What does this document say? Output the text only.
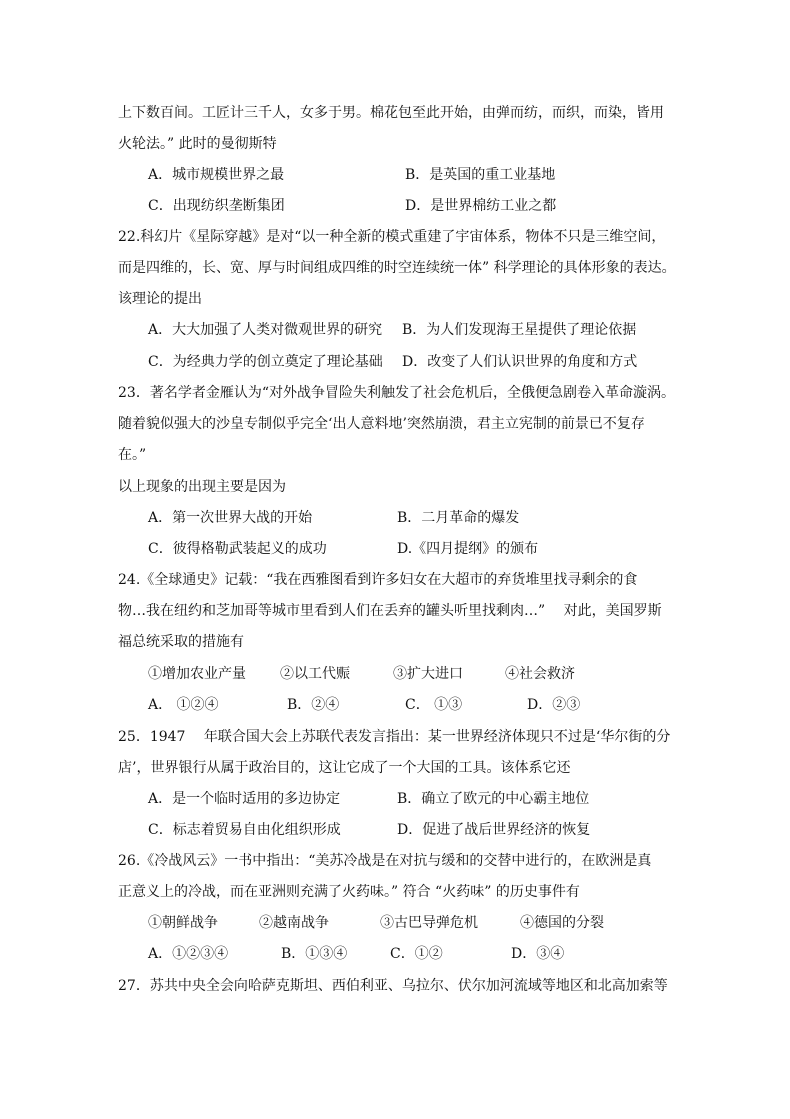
上下数百间。工匠计三千人，女多于男。棉花包至此开始，由弹而纺，而织，而染，皆用
火轮法。” 此时的曼彻斯特
A．城市规模世界之最	B．是英国的重工业基地
C．出现纺织垄断集团	D．是世界棉纺工业之都
22.科幻片《星际穿越》是对“以一种全新的模式重建了宇宙体系，物体不只是三维空间，
而是四维的，长、宽、厚与时间组成四维的时空连续统一体” 科学理论的具体形象的表达。
该理论的提出
A．大大加强了人类对微观世界的研究 B．为人们发现海王星提供了理论依据
C．为经典力学的创立奠定了理论基础 D．改变了人们认识世界的角度和方式
23．著名学者金雁认为“对外战争冒险失利触发了社会危机后，全俄便急剧卷入革命漩涡。
随着貌似强大的沙皇专制似乎完全‘出人意料地’突然崩溃，君主立宪制的前景已不复存
在。”
以上现象的出现主要是因为
A．第一次世界大战的开始	B．二月革命的爆发
C．彼得格勒武装起义的成功	D.《四月提纲》的颁布
24.《全球通史》记载：“我在西雅图看到许多妇女在大超市的弃货堆里找寻剩余的食
物…我在纽约和芝加哥等城市里看到人们在丢弃的罐头听里找剩肉…”　 对此，美国罗斯
福总统采取的措施有
①增加农业产量 ②以工代赈	③扩大进口	④社会救济
A． ①②④	B．②④	C． ①③	D．②③
25．1947　 年联合国大会上苏联代表发言指出：某一世界经济体现只不过是‘华尔街的分
店’，世界银行从属于政治目的，这让它成了一个大国的工具。该体系它还
A．是一个临时适用的多边协定	B．确立了欧元的中心霸主地位
C．标志着贸易自由化组织形成	D．促进了战后世界经济的恢复
26.《冷战风云》一书中指出：“美苏冷战是在对抗与缓和的交替中进行的，在欧洲是真
正意义上的冷战，而在亚洲则充满了火药味。” 符合 “火药味” 的历史事件有
①朝鲜战争	②越南战争	③古巴导弹危机	④德国的分裂
A．①②③④	B．①③④	C．①②	D．③④
27．苏共中央全会向哈萨克斯坦、西伯利亚、乌拉尔、伏尔加河流域等地区和北高加索等
